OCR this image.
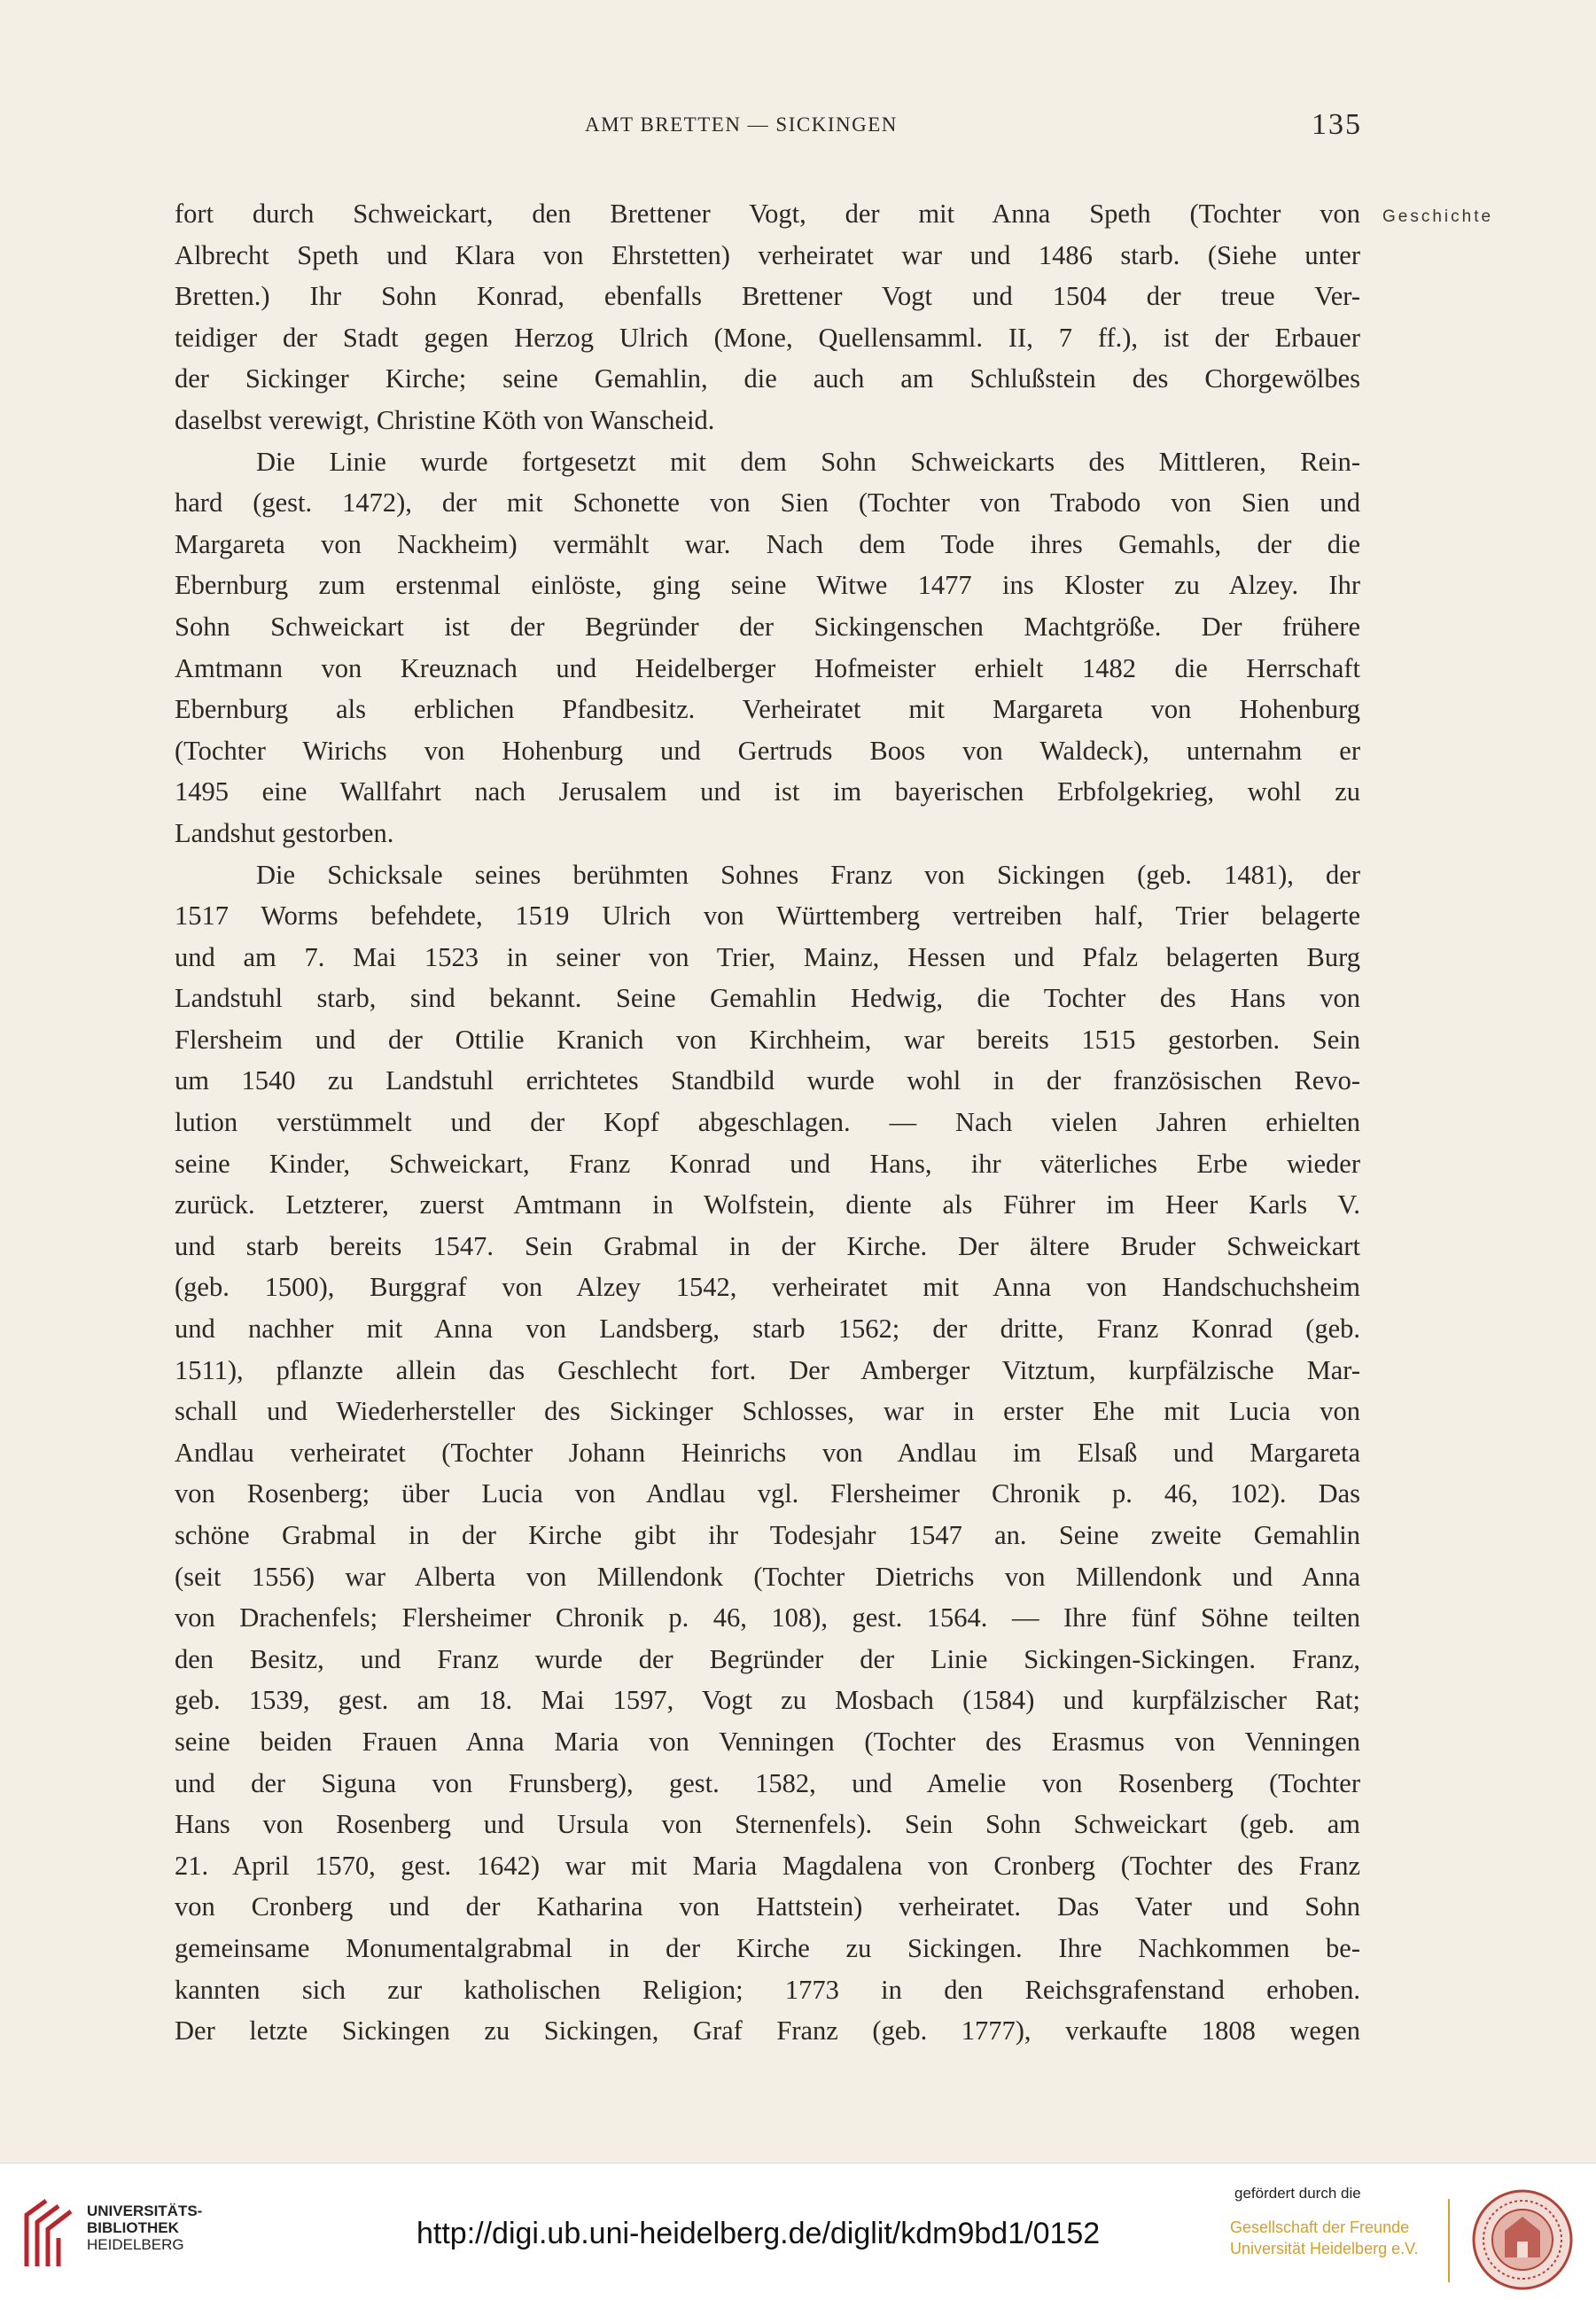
AMT BRETTEN — SICKINGEN	135
Geschichte
fort durch Schweickart, den Brettener Vogt, der mit Anna Speth (Tochter von
Albrecht Speth und Klara von Ehrstetten) verheiratet war und 1486 starb. (Siehe unter
Bretten.) Ihr Sohn Konrad, ebenfalls Brettener Vogt und 1504 der treue Ver-
teidiger der Stadt gegen Herzog Ulrich (Mone, Quellensamml. II, 7 ff.), ist der Erbauer
der Sickinger Kirche; seine Gemahlin, die auch am Schlußstein des Chorgewölbes
daselbst verewigt, Christine Köth von Wanscheid.
Die Linie wurde fortgesetzt mit dem Sohn Schweickarts des Mittleren, Rein-
hard (gest. 1472), der mit Schonette von Sien (Tochter von Trabodo von Sien und
Margareta von Nackheim) vermählt war. Nach dem Tode ihres Gemahls, der die
Ebernburg zum erstenmal einlöste, ging seine Witwe 1477 ins Kloster zu Alzey. Ihr
Sohn Schweickart ist der Begründer der Sickingenschen Machtgröße. Der frühere
Amtmann von Kreuznach und Heidelberger Hofmeister erhielt 1482 die Herrschaft
Ebernburg als erblichen Pfandbesitz. Verheiratet mit Margareta von Hohenburg
(Tochter Wirichs von Hohenburg und Gertruds Boos von Waldeck), unternahm er
1495 eine Wallfahrt nach Jerusalem und ist im bayerischen Erbfolgekrieg, wohl zu
Landshut gestorben.
Die Schicksale seines berühmten Sohnes Franz von Sickingen (geb. 1481), der
1517 Worms befehdete, 1519 Ulrich von Württemberg vertreiben half, Trier belagerte
und am 7. Mai 1523 in seiner von Trier, Mainz, Hessen und Pfalz belagerten Burg
Landstuhl starb, sind bekannt. Seine Gemahlin Hedwig, die Tochter des Hans von
Flersheim und der Ottilie Kranich von Kirchheim, war bereits 1515 gestorben. Sein
um 1540 zu Landstuhl errichtetes Standbild wurde wohl in der französischen Revo-
lution verstümmelt und der Kopf abgeschlagen. — Nach vielen Jahren erhielten
seine Kinder, Schweickart, Franz Konrad und Hans, ihr väterliches Erbe wieder
zurück. Letzterer, zuerst Amtmann in Wolfstein, diente als Führer im Heer Karls V.
und starb bereits 1547. Sein Grabmal in der Kirche. Der ältere Bruder Schweickart
(geb. 1500), Burggraf von Alzey 1542, verheiratet mit Anna von Handschuchsheim
und nachher mit Anna von Landsberg, starb 1562; der dritte, Franz Konrad (geb.
1511), pflanzte allein das Geschlecht fort. Der Amberger Vitztum, kurpfälzische Mar-
schall und Wiederhersteller des Sickinger Schlosses, war in erster Ehe mit Lucia von
Andlau verheiratet (Tochter Johann Heinrichs von Andlau im Elsaß und Margareta
von Rosenberg; über Lucia von Andlau vgl. Flersheimer Chronik p. 46, 102). Das
schöne Grabmal in der Kirche gibt ihr Todesjahr 1547 an. Seine zweite Gemahlin
(seit 1556) war Alberta von Millendonk (Tochter Dietrichs von Millendonk und Anna
von Drachenfels; Flersheimer Chronik p. 46, 108), gest. 1564. — Ihre fünf Söhne teilten
den Besitz, und Franz wurde der Begründer der Linie Sickingen-Sickingen. Franz,
geb. 1539, gest. am 18. Mai 1597, Vogt zu Mosbach (1584) und kurpfälzischer Rat;
seine beiden Frauen Anna Maria von Venningen (Tochter des Erasmus von Venningen
und der Siguna von Frunsberg), gest. 1582, und Amelie von Rosenberg (Tochter
Hans von Rosenberg und Ursula von Sternenfels). Sein Sohn Schweickart (geb. am
21. April 1570, gest. 1642) war mit Maria Magdalena von Cronberg (Tochter des Franz
von Cronberg und der Katharina von Hattstein) verheiratet. Das Vater und Sohn
gemeinsame Monumentalgrabmal in der Kirche zu Sickingen. Ihre Nachkommen be-
kannten sich zur katholischen Religion; 1773 in den Reichsgrafenstand erhoben.
Der letzte Sickingen zu Sickingen, Graf Franz (geb. 1777), verkaufte 1808 wegen
UNIVERSITÄTS-
BIBLIOTHEK
HEIDELBERG	http://digi.ub.uni-heidelberg.de/diglit/kdm9bd1/0152
gefördert durch die
Gesellschaft der Freunde
Universität Heidelberg e.V.
